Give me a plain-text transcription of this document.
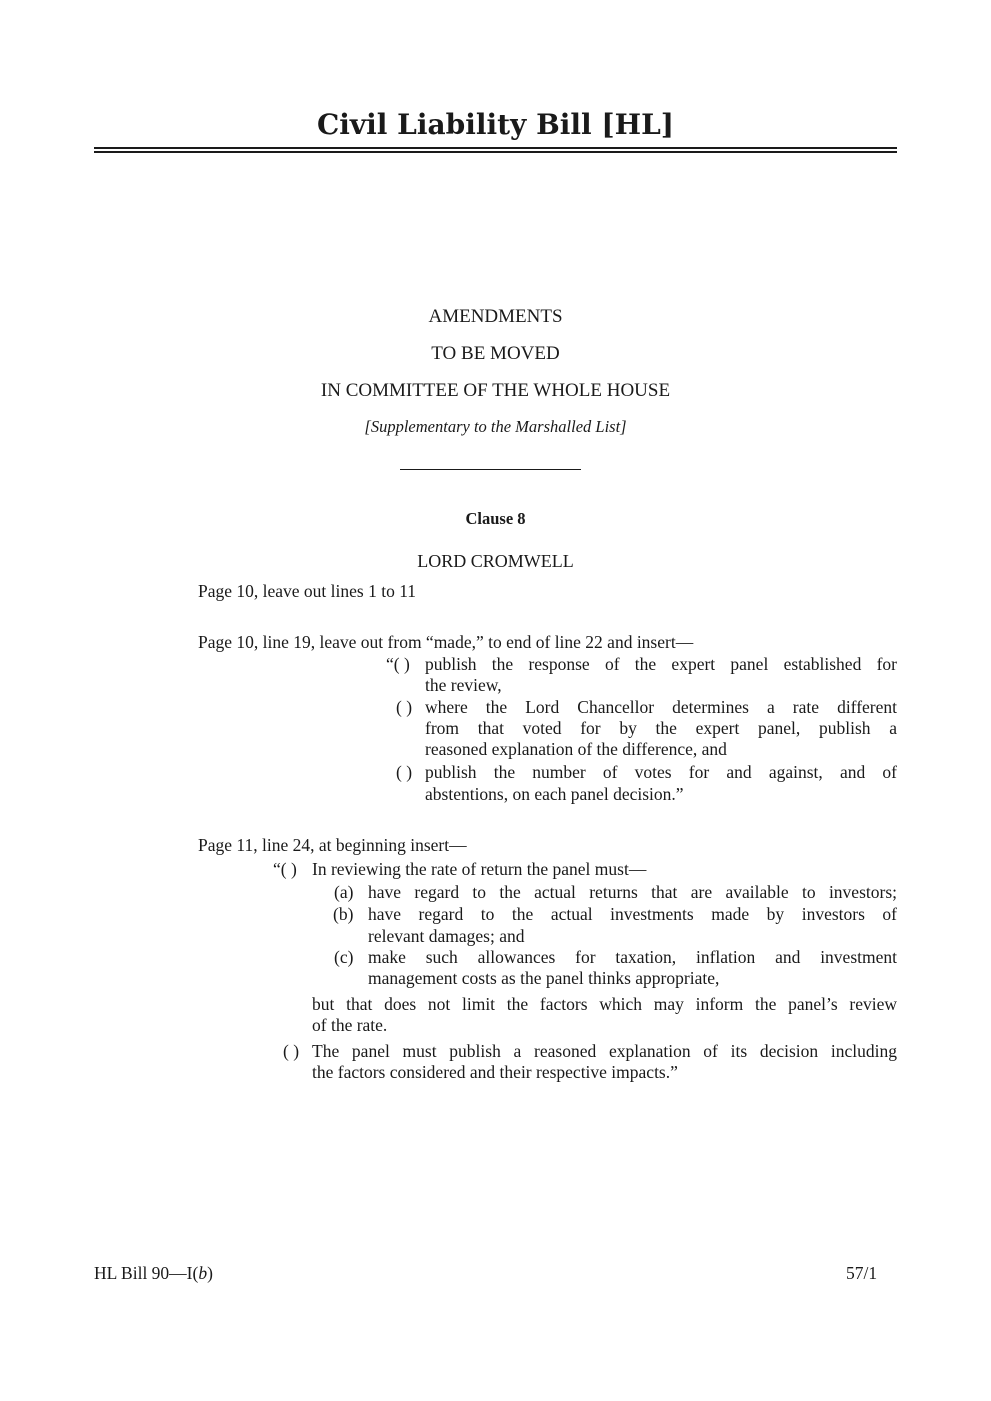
Civil Liability Bill [HL]
AMENDMENTS
TO BE MOVED
IN COMMITTEE OF THE WHOLE HOUSE
[Supplementary to the Marshalled List]
Clause 8
LORD CROMWELL
Page 10, leave out lines 1 to 11
Page 10, line 19, leave out from “made,” to end of line 22 and insert—
“( ) publish the response of the expert panel established for
the review,
( ) where the Lord Chancellor determines a rate different
from that voted for by the expert panel, publish a
reasoned explanation of the difference, and
( ) publish the number of votes for and against, and of
abstentions, on each panel decision.”
Page 11, line 24, at beginning insert—
“( ) In reviewing the rate of return the panel must—
(a) have regard to the actual returns that are available to investors;
(b) have regard to the actual investments made by investors of
relevant damages; and
(c) make such allowances for taxation, inflation and investment
management costs as the panel thinks appropriate,
but that does not limit the factors which may inform the panel’s review
of the rate.
( ) The panel must publish a reasoned explanation of its decision including
the factors considered and their respective impacts.”
HL Bill 90—I(b)	57/1
